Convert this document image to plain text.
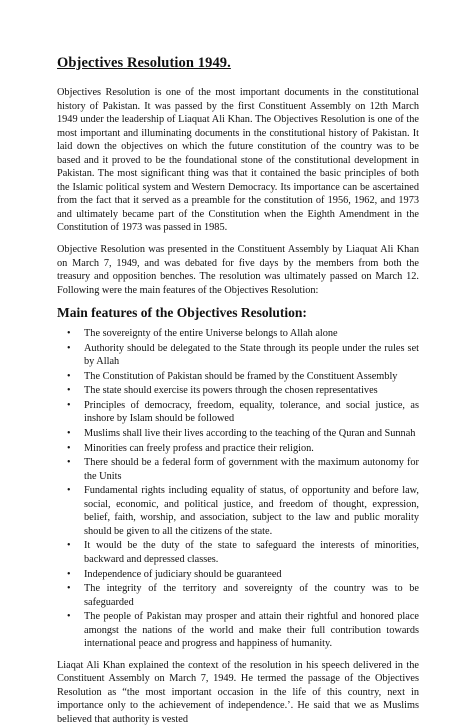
Objectives Resolution 1949.

Objectives Resolution is one of the most important documents in the constitutional history of Pakistan. It was passed by the first Constituent Assembly on 12th March 1949 under the leadership of Liaquat Ali Khan. The Objectives Resolution is one of the most important and illuminating documents in the constitutional history of Pakistan. It laid down the objectives on which the future constitution of the country was to be based and it proved to be the foundational stone of the constitutional development in Pakistan. The most significant thing was that it contained the basic principles of both the Islamic political system and Western Democracy. Its importance can be ascertained from the fact that it served as a preamble for the constitution of 1956, 1962, and 1973 and ultimately became part of the Constitution when the Eighth Amendment in the Constitution of 1973 was passed in 1985.

Objective Resolution was presented in the Constituent Assembly by Liaquat Ali Khan on March 7, 1949, and was debated for five days by the members from both the treasury and opposition benches. The resolution was ultimately passed on March 12. Following were the main features of the Objectives Resolution:

Main features of the Objectives Resolution:
• The sovereignty of the entire Universe belongs to Allah alone
• Authority should be delegated to the State through its people under the rules set by Allah
• The Constitution of Pakistan should be framed by the Constituent Assembly
• The state should exercise its powers through the chosen representatives
• Principles of democracy, freedom, equality, tolerance, and social justice, as inshore by Islam should be followed
• Muslims shall live their lives according to the teaching of the Quran and Sunnah
• Minorities can freely profess and practice their religion.
• There should be a federal form of government with the maximum autonomy for the Units
• Fundamental rights including equality of status, of opportunity and before law, social, economic, and political justice, and freedom of thought, expression, belief, faith, worship, and association, subject to the law and public morality should be given to all the citizens of the state.
• It would be the duty of the state to safeguard the interests of minorities, backward and depressed classes.
• Independence of judiciary should be guaranteed
• The integrity of the territory and sovereignty of the country was to be safeguarded
• The people of Pakistan may prosper and attain their rightful and honored place amongst the nations of the world and make their full contribution towards international peace and progress and happiness of humanity.

Liaqat Ali Khan explained the context of the resolution in his speech delivered in the Constituent Assembly on March 7, 1949. He termed the passage of the Objectives Resolution as “the most important occasion in the life of this country, next in importance only to the achievement of independence.’. He said that we as Muslims believed that authority is vested
